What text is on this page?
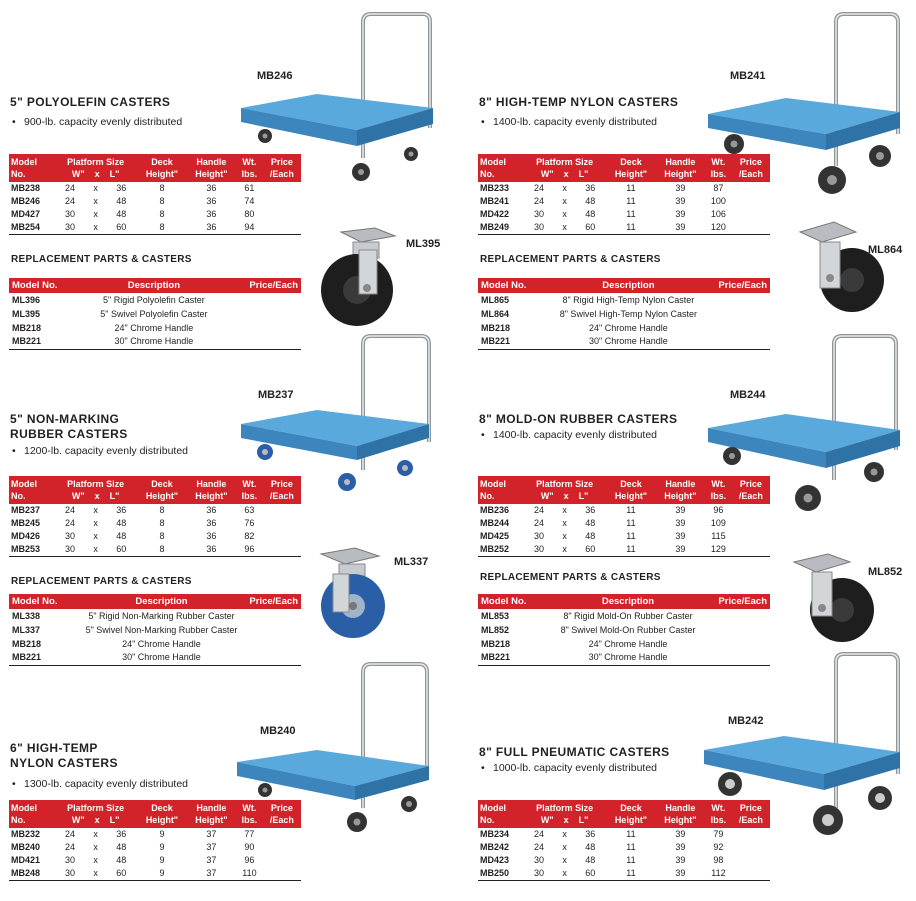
5" POLYOLEFIN CASTERS
• 900-lb. capacity evenly distributed
MB246
Model
No.	Platform Size
W" x L"			Deck
Height"	Handle
Height"	Wt.
lbs.	Price
/Each
MB238	24	x	36	8	36	61	
MB246	24	x	48	8	36	74	
MD427	30	x	48	8	36	80	
MB254	30	x	60	8	36	94	
REPLACEMENT PARTS & CASTERS
ML395
Model No.	Description	Price/Each
ML396	5" Rigid Polyolefin Caster	
ML395	5" Swivel Polyolefin Caster	
MB218	24" Chrome Handle	
MB221	30" Chrome Handle	
8" HIGH-TEMP NYLON CASTERS
• 1400-lb. capacity evenly distributed
MB241
Model
No.	Platform Size
W" x L"			Deck
Height"	Handle
Height"	Wt.
lbs.	Price
/Each
MB233	24	x	36	11	39	87	
MB241	24	x	48	11	39	100	
MD422	30	x	48	11	39	106	
MB249	30	x	60	11	39	120	
REPLACEMENT PARTS & CASTERS
ML864
Model No.	Description	Price/Each
ML865	8" Rigid High-Temp Nylon Caster	
ML864	8" Swivel High-Temp Nylon Caster	
MB218	24" Chrome Handle	
MB221	30" Chrome Handle	
5" NON-MARKING
RUBBER CASTERS
• 1200-lb. capacity evenly distributed
MB237
Model
No.	Platform Size
W" x L"			Deck
Height"	Handle
Height"	Wt.
lbs.	Price
/Each
MB237	24	x	36	8	36	63	
MB245	24	x	48	8	36	76	
MD426	30	x	48	8	36	82	
MB253	30	x	60	8	36	96	
REPLACEMENT PARTS & CASTERS
ML337
Model No.	Description	Price/Each
ML338	5" Rigid Non-Marking Rubber Caster	
ML337	5" Swivel Non-Marking Rubber Caster	
MB218	24" Chrome Handle	
MB221	30" Chrome Handle	
8" MOLD-ON RUBBER CASTERS
• 1400-lb. capacity evenly distributed
MB244
Model
No.	Platform Size
W" x L"			Deck
Height"	Handle
Height"	Wt.
lbs.	Price
/Each
MB236	24	x	36	11	39	96	
MB244	24	x	48	11	39	109	
MD425	30	x	48	11	39	115	
MB252	30	x	60	11	39	129	
REPLACEMENT PARTS & CASTERS	ML852
Model No.	Description	Price/Each
ML853	8" Rigid Mold-On Rubber Caster	
ML852	8" Swivel Mold-On Rubber Caster	
MB218	24" Chrome Handle	
MB221	30" Chrome Handle	
6" HIGH-TEMP
NYLON CASTERS
• 1300-lb. capacity evenly distributed
MB240
Model
No.	Platform Size
W" x L"			Deck
Height"	Handle
Height"	Wt.
lbs.	Price
/Each
MB232	24	x	36	9	37	77	
MB240	24	x	48	9	37	90	
MD421	30	x	48	9	37	96	
MB248	30	x	60	9	37	110	
8" FULL PNEUMATIC CASTERS
• 1000-lb. capacity evenly distributed
MB242
Model
No.	Platform Size
W" x L"			Deck
Height"	Handle
Height"	Wt.
lbs.	Price
/Each
MB234	24	x	36	11	39	79	
MB242	24	x	48	11	39	92	
MD423	30	x	48	11	39	98	
MB250	30	x	60	11	39	112	
